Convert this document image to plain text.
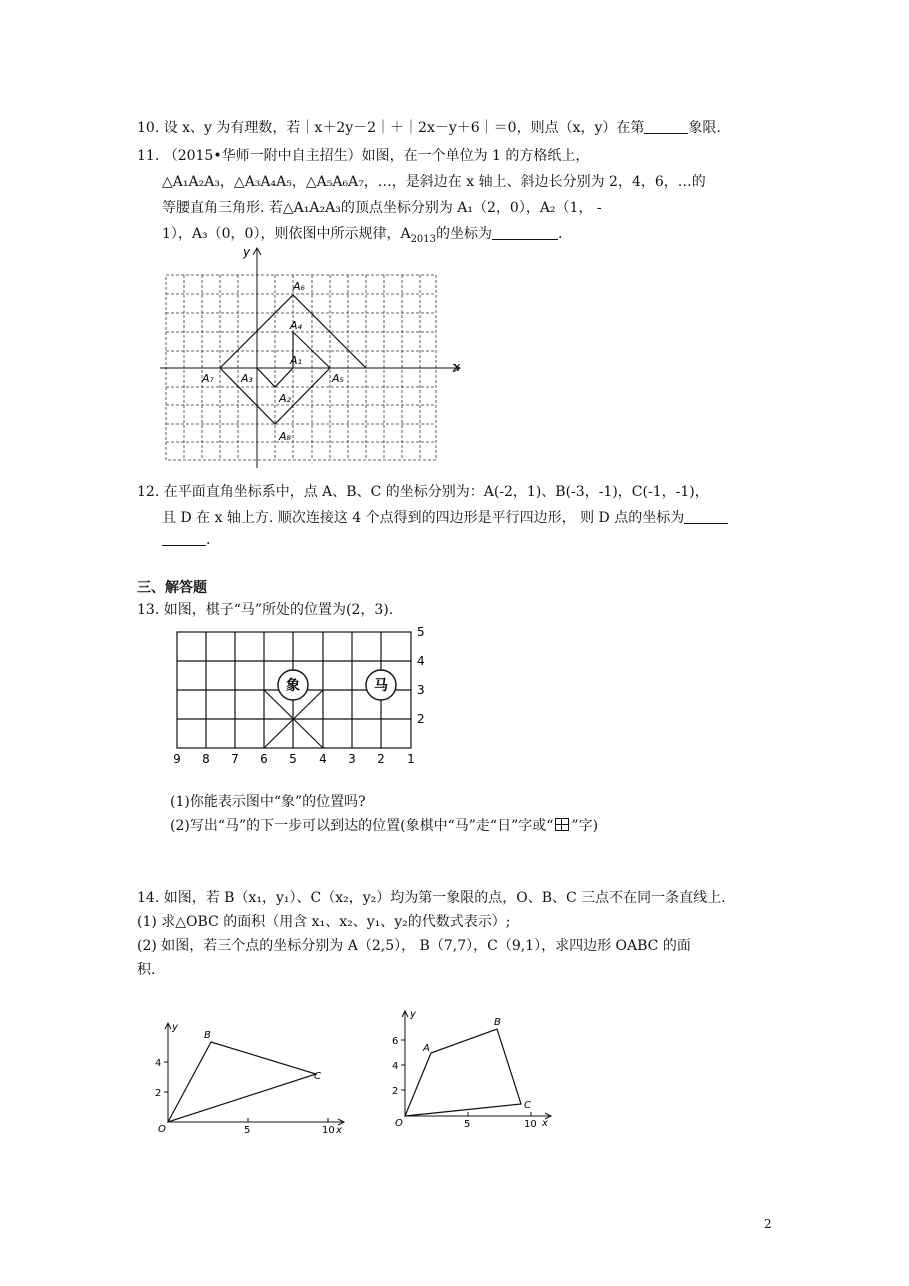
10. 设 x、y 为有理数，若｜x＋2y－2｜＋｜2x－y＋6｜＝0，则点（x，y）在第	象限.
11. （2015•华师一附中自主招生）如图，在一个单位为 1 的方格纸上，
△A₁A₂A₃，△A₃A₄A₅，△A₅A₆A₇，…，是斜边在 x 轴上、斜边长分别为 2，4，6，…的
等腰直角三角形. 若△A₁A₂A₃的顶点坐标分别为 A₁（2，0），A₂（1， -
1），A₃（0，0），则依图中所示规律，$A_{2013}$的坐标为	.
x
y
A₆
A₄
A₁
A₇ A₃
A₂
A₅
A₈
12. 在平面直角坐标系中，点 A、B、C 的坐标分别为：A(-2，1)、B(-3，-1)，C(-1，-1)，
且 D 在 x 轴上方. 顺次连接这 4 个点得到的四边形是平行四边形， 则 D 点的坐标为
.
三、解答题
13. 如图，棋子“马”所处的位置为(2，3).
象	马
9 8 7 6 5 4 3 2 1
5
4
3
2
(1)你能表示图中“象”的位置吗?
(2)写出“马”的下一步可以到达的位置(象棋中“马”走“日”字或“ ”字)
14. 如图，若 B（x₁，y₁）、C（x₂，y₂）均为第一象限的点，O、B、C 三点不在同一条直线上.
(1) 求△OBC 的面积（用含 x₁、x₂、y₁、y₂的代数式表示）;
(2) 如图，若三个点的坐标分别为 A（2,5）， B（7,7），C（9,1），求四边形 OABC 的面
积.
y
x
O
B
C
4
2
5	10
y
x
O
A
B
C
6
4
2
5	10
2
